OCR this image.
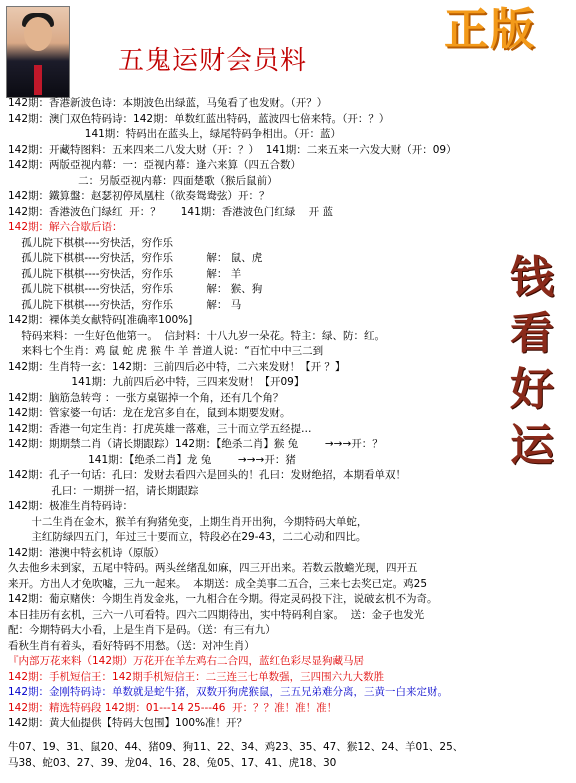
五鬼运财会员料
正版
钱
看
好
运
142期：香港新波色诗：本期波色出绿蓝，马兔看了也发财。（开？）
142期：澳门双色特码诗：142期：单数红蓝出特码，蓝波四七倍来特。（开：？）
141期：特码出在蓝头上，绿尾特码争相出。（开：蓝）
142期：开藏特图料：五来四来二八发大财（开：？）  141期：二来五来一六发大财（开：09）
142期：两版亞视内幕：一：亞视内幕：逢六来算（四五合数）
二：另版亞视内幕：四面楚歌（猴后鼠前）
142期：鐵算盤：赵瑟初停凤凰柱（欲奏鸳鸯弦）开：？
142期：香港波色门绿红  开：？      141期：香港波色门红绿    开 蓝
142期：解六合歇后语：
孤儿院下棋棋----穷快活，穷作乐
孤儿院下棋棋----穷快活，穷作乐          解： 鼠、虎
孤儿院下棋棋----穷快活，穷作乐          解： 羊
孤儿院下棋棋----穷快活，穷作乐          解： 猴、狗
孤儿院下棋棋----穷快活，穷作乐          解： 马
142期：裸体美女献特码[准确率100%]
特码来料：一生好色他第一。  信封料：十八九岁一朵花。特主：绿、防：红。
来料七个生肖：鸡 鼠 蛇 虎 猴 牛 羊 普道人说：“百忙中中三二到
142期：生肖特一玄：142期：三前四后必中特，二六来发财！【开 ？】
141期：九前四后必中特，三四来发财！【开09】
142期：脑筋急转弯 ：一张方桌锯掉一个角，还有几个角？
142期：管家婆一句话：龙在龙宫多自在，鼠到本期要发财。
142期：香港一句定生肖：打虎英雄一落难，三十而立学五经提…
142期：期期禁二肖（请长期跟踪）142期：【绝杀二肖】猴 兔        →→→开：？
141期：【绝杀二肖】龙 兔        →→→开：猪
142期：孔子一句话：孔曰：发财去看四六是回头的！孔曰：发财绝招，本期看单双！
孔曰：一期拼一招，请长期跟踪
142期：极准生肖特码诗：
十二生肖在金木，猴羊有狗猪免变，上期生肖开出狗，今期特码大单蛇，
主红防绿四五门，年过三十要而立，特段必在29-43，二二心动和四比。
142期：港澳中特玄机诗（原版）
久去他乡未到家，五尾中特码。两头丝绪乱如麻，四三开出来。若数云散蟾光现，四开五
来开。方出人才免吹嘘，三九一起来。  本期送：成全美事二五合，三来七去奖已定。鸡25
142期：葡京赌侠：今期生肖发金兆，一九相合在今期。得定灵码投下注，说破玄机不为奇。
本日挂历有玄机，三六一八可看特。四六二四期待出，实中特码利自家。  送：金子也发光
配：今期特码大小看，上是生肖下是码。（送：有三有九）
看秋生肖有着头，看好特码不用愁。（送：对冲生肖）
『内部万花来料（142期）万花开在羊左鸡右二合四，蓝红色彩尽显狗藏马居
142期：手机短信王：142期手机短信王：二三连三七单数强，三四围六九大数胜
142期：金刚特码诗：单数就是蛇牛猪，双数开狗虎猴鼠，三五兄弟难分离，三黄一白来定财。
142期：精选特码段 142期：01---14 25---46  开：？？准！准！准！
142期：黄大仙提供【特码大包围】100%准！开？
牛07、19、31、鼠20、44、猪09、狗11、22、34、鸡23、35、47、猴12、24、羊01、25、
马38、蛇03、27、39、龙04、16、28、兔05、17、41、虎18、30
